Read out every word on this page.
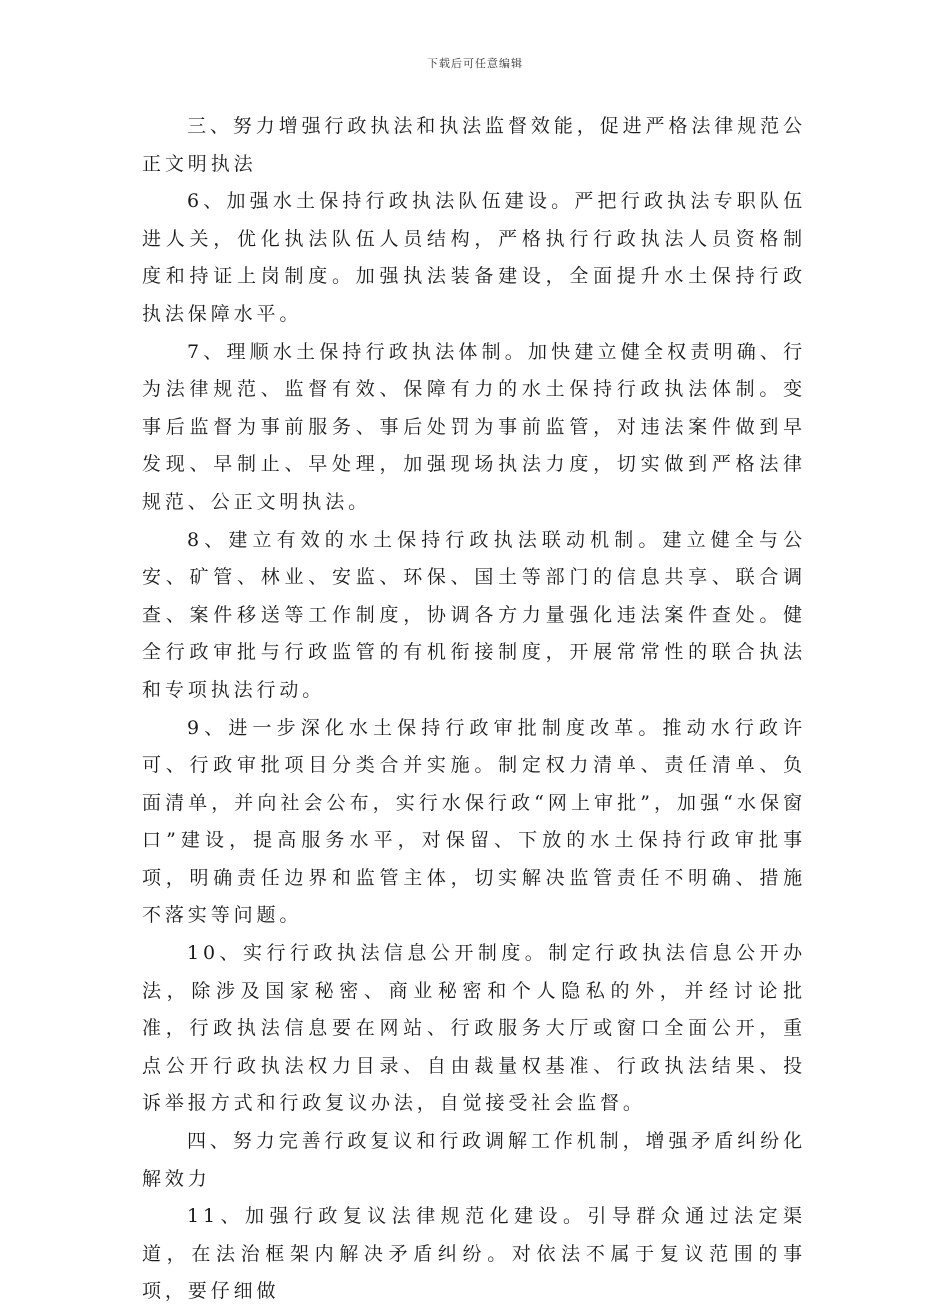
下载后可任意编辑

三、努力增强行政执法和执法监督效能，促进严格法律规范公正文明执法

6、加强水土保持行政执法队伍建设。严把行政执法专职队伍进人关，优化执法队伍人员结构，严格执行行政执法人员资格制度和持证上岗制度。加强执法装备建设，全面提升水土保持行政执法保障水平。

7、理顺水土保持行政执法体制。加快建立健全权责明确、行为法律规范、监督有效、保障有力的水土保持行政执法体制。变事后监督为事前服务、事后处罚为事前监管，对违法案件做到早发现、早制止、早处理，加强现场执法力度，切实做到严格法律规范、公正文明执法。

8、建立有效的水土保持行政执法联动机制。建立健全与公安、矿管、林业、安监、环保、国土等部门的信息共享、联合调查、案件移送等工作制度，协调各方力量强化违法案件查处。健全行政审批与行政监管的有机衔接制度，开展常常性的联合执法和专项执法行动。

9、进一步深化水土保持行政审批制度改革。推动水行政许可、行政审批项目分类合并实施。制定权力清单、责任清单、负面清单，并向社会公布，实行水保行政“网上审批”，加强“水保窗口”建设，提高服务水平，对保留、下放的水土保持行政审批事项，明确责任边界和监管主体，切实解决监管责任不明确、措施不落实等问题。

10、实行行政执法信息公开制度。制定行政执法信息公开办法，除涉及国家秘密、商业秘密和个人隐私的外，并经讨论批准，行政执法信息要在网站、行政服务大厅或窗口全面公开，重点公开行政执法权力目录、自由裁量权基准、行政执法结果、投诉举报方式和行政复议办法，自觉接受社会监督。

四、努力完善行政复议和行政调解工作机制，增强矛盾纠纷化解效力

11、加强行政复议法律规范化建设。引导群众通过法定渠道，在法治框架内解决矛盾纠纷。对依法不属于复议范围的事项，要仔细做
